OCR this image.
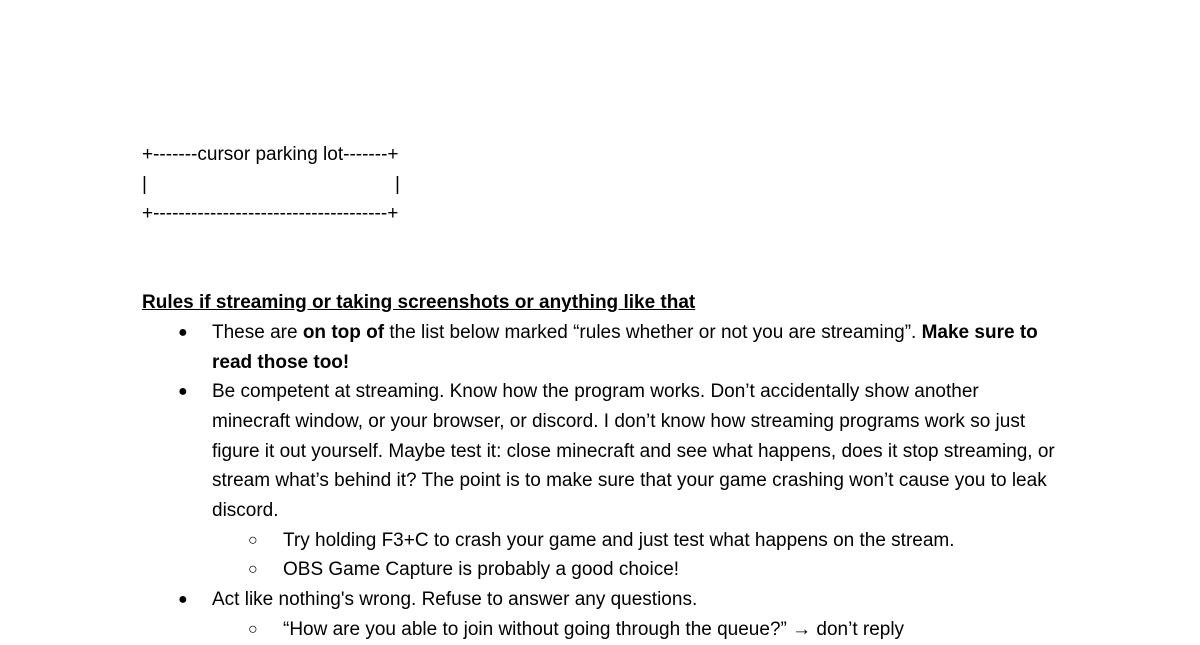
+-------cursor parking lot-------+
|                                               |
+-------------------------------------+

Rules if streaming or taking screenshots or anything like that

● These are on top of the list below marked “rules whether or not you are streaming”. Make sure to read those too!
● Be competent at streaming. Know how the program works. Don’t accidentally show another minecraft window, or your browser, or discord. I don’t know how streaming programs work so just figure it out yourself. Maybe test it: close minecraft and see what happens, does it stop streaming, or stream what’s behind it? The point is to make sure that your game crashing won’t cause you to leak discord.
○ Try holding F3+C to crash your game and just test what happens on the stream.
○ OBS Game Capture is probably a good choice!
● Act like nothing's wrong. Refuse to answer any questions.
○ “How are you able to join without going through the queue?” → don’t reply
